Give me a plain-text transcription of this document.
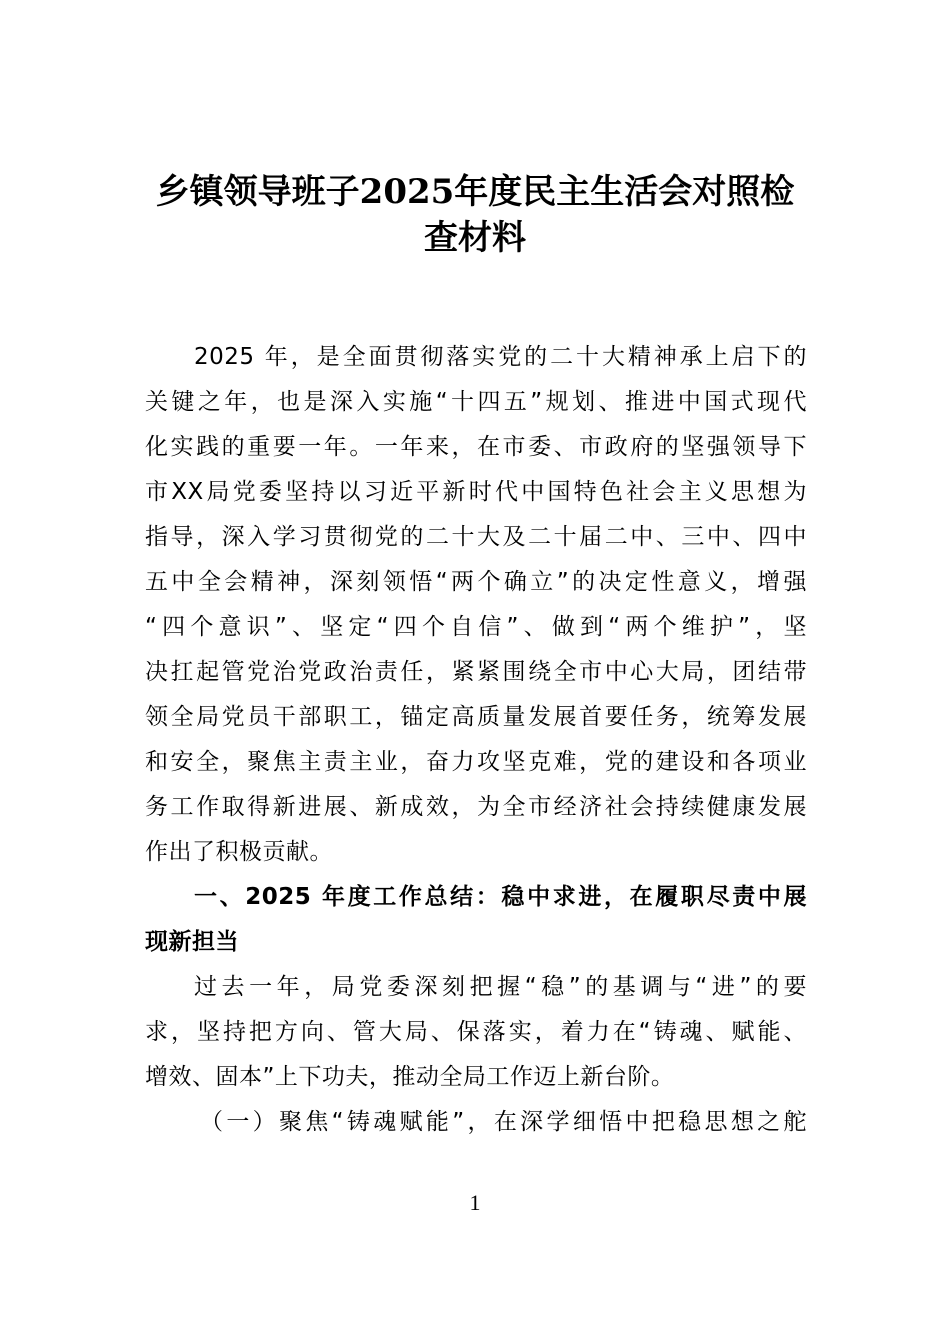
乡镇领导班子2025年度民主生活会对照检
查材料
2025 年，是全面贯彻落实党的二十大精神承上启下的
关键之年，也是深入实施“十四五”规划、推进中国式现代
化实践的重要一年。一年来，在市委、市政府的坚强领导下
市XX局党委坚持以习近平新时代中国特色社会主义思想为
指导，深入学习贯彻党的二十大及二十届二中、三中、四中
五中全会精神，深刻领悟“两个确立”的决定性意义，增强
“四个意识”、坚定“四个自信”、做到“两个维护”，坚
决扛起管党治党政治责任，紧紧围绕全市中心大局，团结带
领全局党员干部职工，锚定高质量发展首要任务，统筹发展
和安全，聚焦主责主业，奋力攻坚克难，党的建设和各项业
务工作取得新进展、新成效，为全市经济社会持续健康发展
作出了积极贡献。
一、2025 年度工作总结：稳中求进，在履职尽责中展
现新担当
过去一年，局党委深刻把握“稳”的基调与“进”的要
求，坚持把方向、管大局、保落实，着力在“铸魂、赋能、
增效、固本”上下功夫，推动全局工作迈上新台阶。
（一）聚焦“铸魂赋能”，在深学细悟中把稳思想之舵
1
